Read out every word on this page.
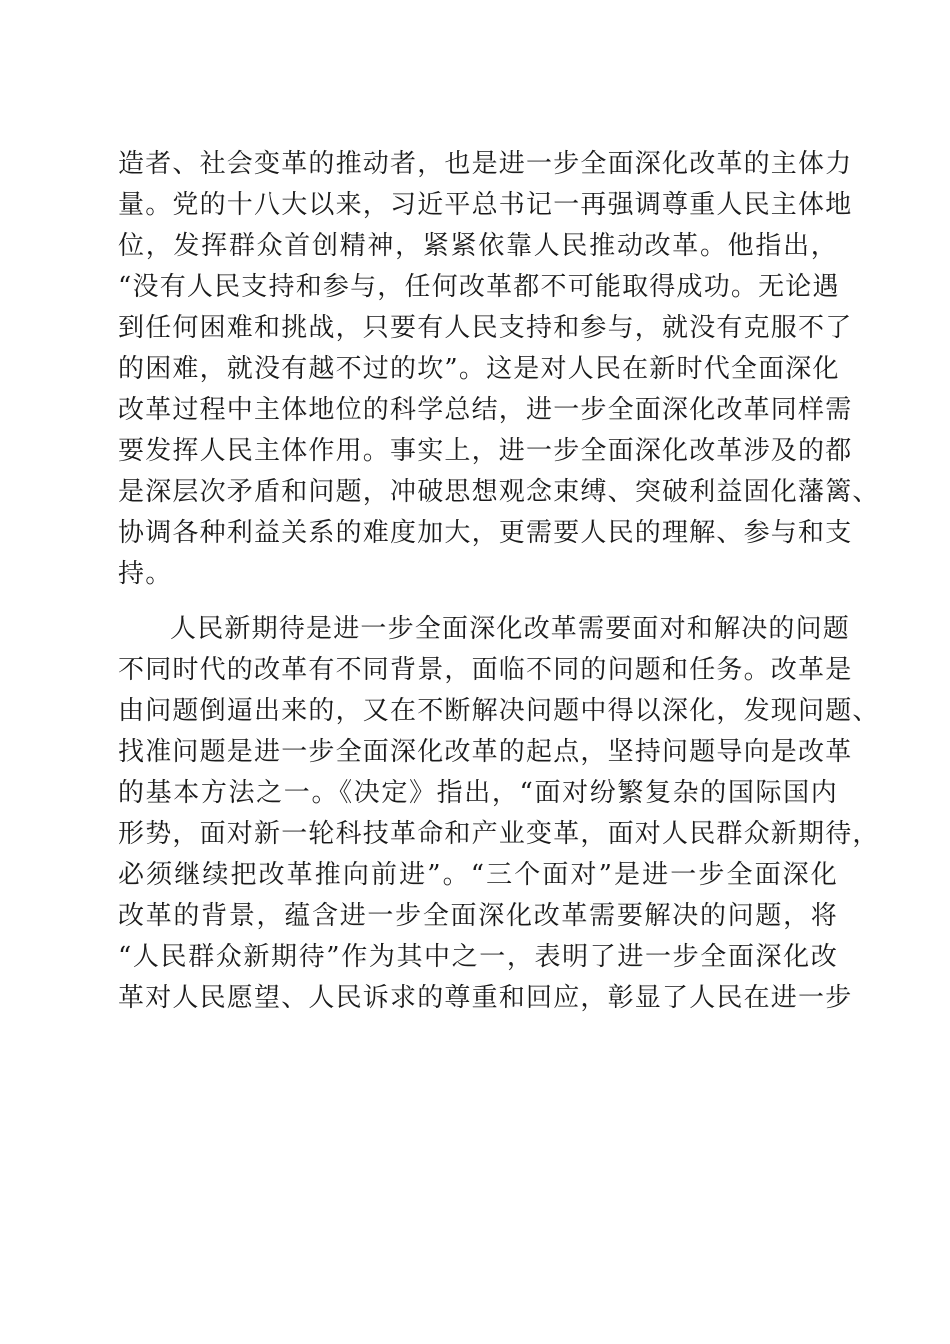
造者、社会变革的推动者，也是进一步全面深化改革的主体力
量。党的十八大以来，习近平总书记一再强调尊重人民主体地
位，发挥群众首创精神，紧紧依靠人民推动改革。他指出，
“没有人民支持和参与，任何改革都不可能取得成功。无论遇
到任何困难和挑战，只要有人民支持和参与，就没有克服不了
的困难，就没有越不过的坎”。这是对人民在新时代全面深化
改革过程中主体地位的科学总结，进一步全面深化改革同样需
要发挥人民主体作用。事实上，进一步全面深化改革涉及的都
是深层次矛盾和问题，冲破思想观念束缚、突破利益固化藩篱、
协调各种利益关系的难度加大，更需要人民的理解、参与和支
持。
人民新期待是进一步全面深化改革需要面对和解决的问题
不同时代的改革有不同背景，面临不同的问题和任务。改革是
由问题倒逼出来的，又在不断解决问题中得以深化，发现问题、
找准问题是进一步全面深化改革的起点，坚持问题导向是改革
的基本方法之一。《决定》指出，“面对纷繁复杂的国际国内
形势，面对新一轮科技革命和产业变革，面对人民群众新期待，
必须继续把改革推向前进”。“三个面对”是进一步全面深化
改革的背景，蕴含进一步全面深化改革需要解决的问题，将
“人民群众新期待”作为其中之一，表明了进一步全面深化改
革对人民愿望、人民诉求的尊重和回应，彰显了人民在进一步
